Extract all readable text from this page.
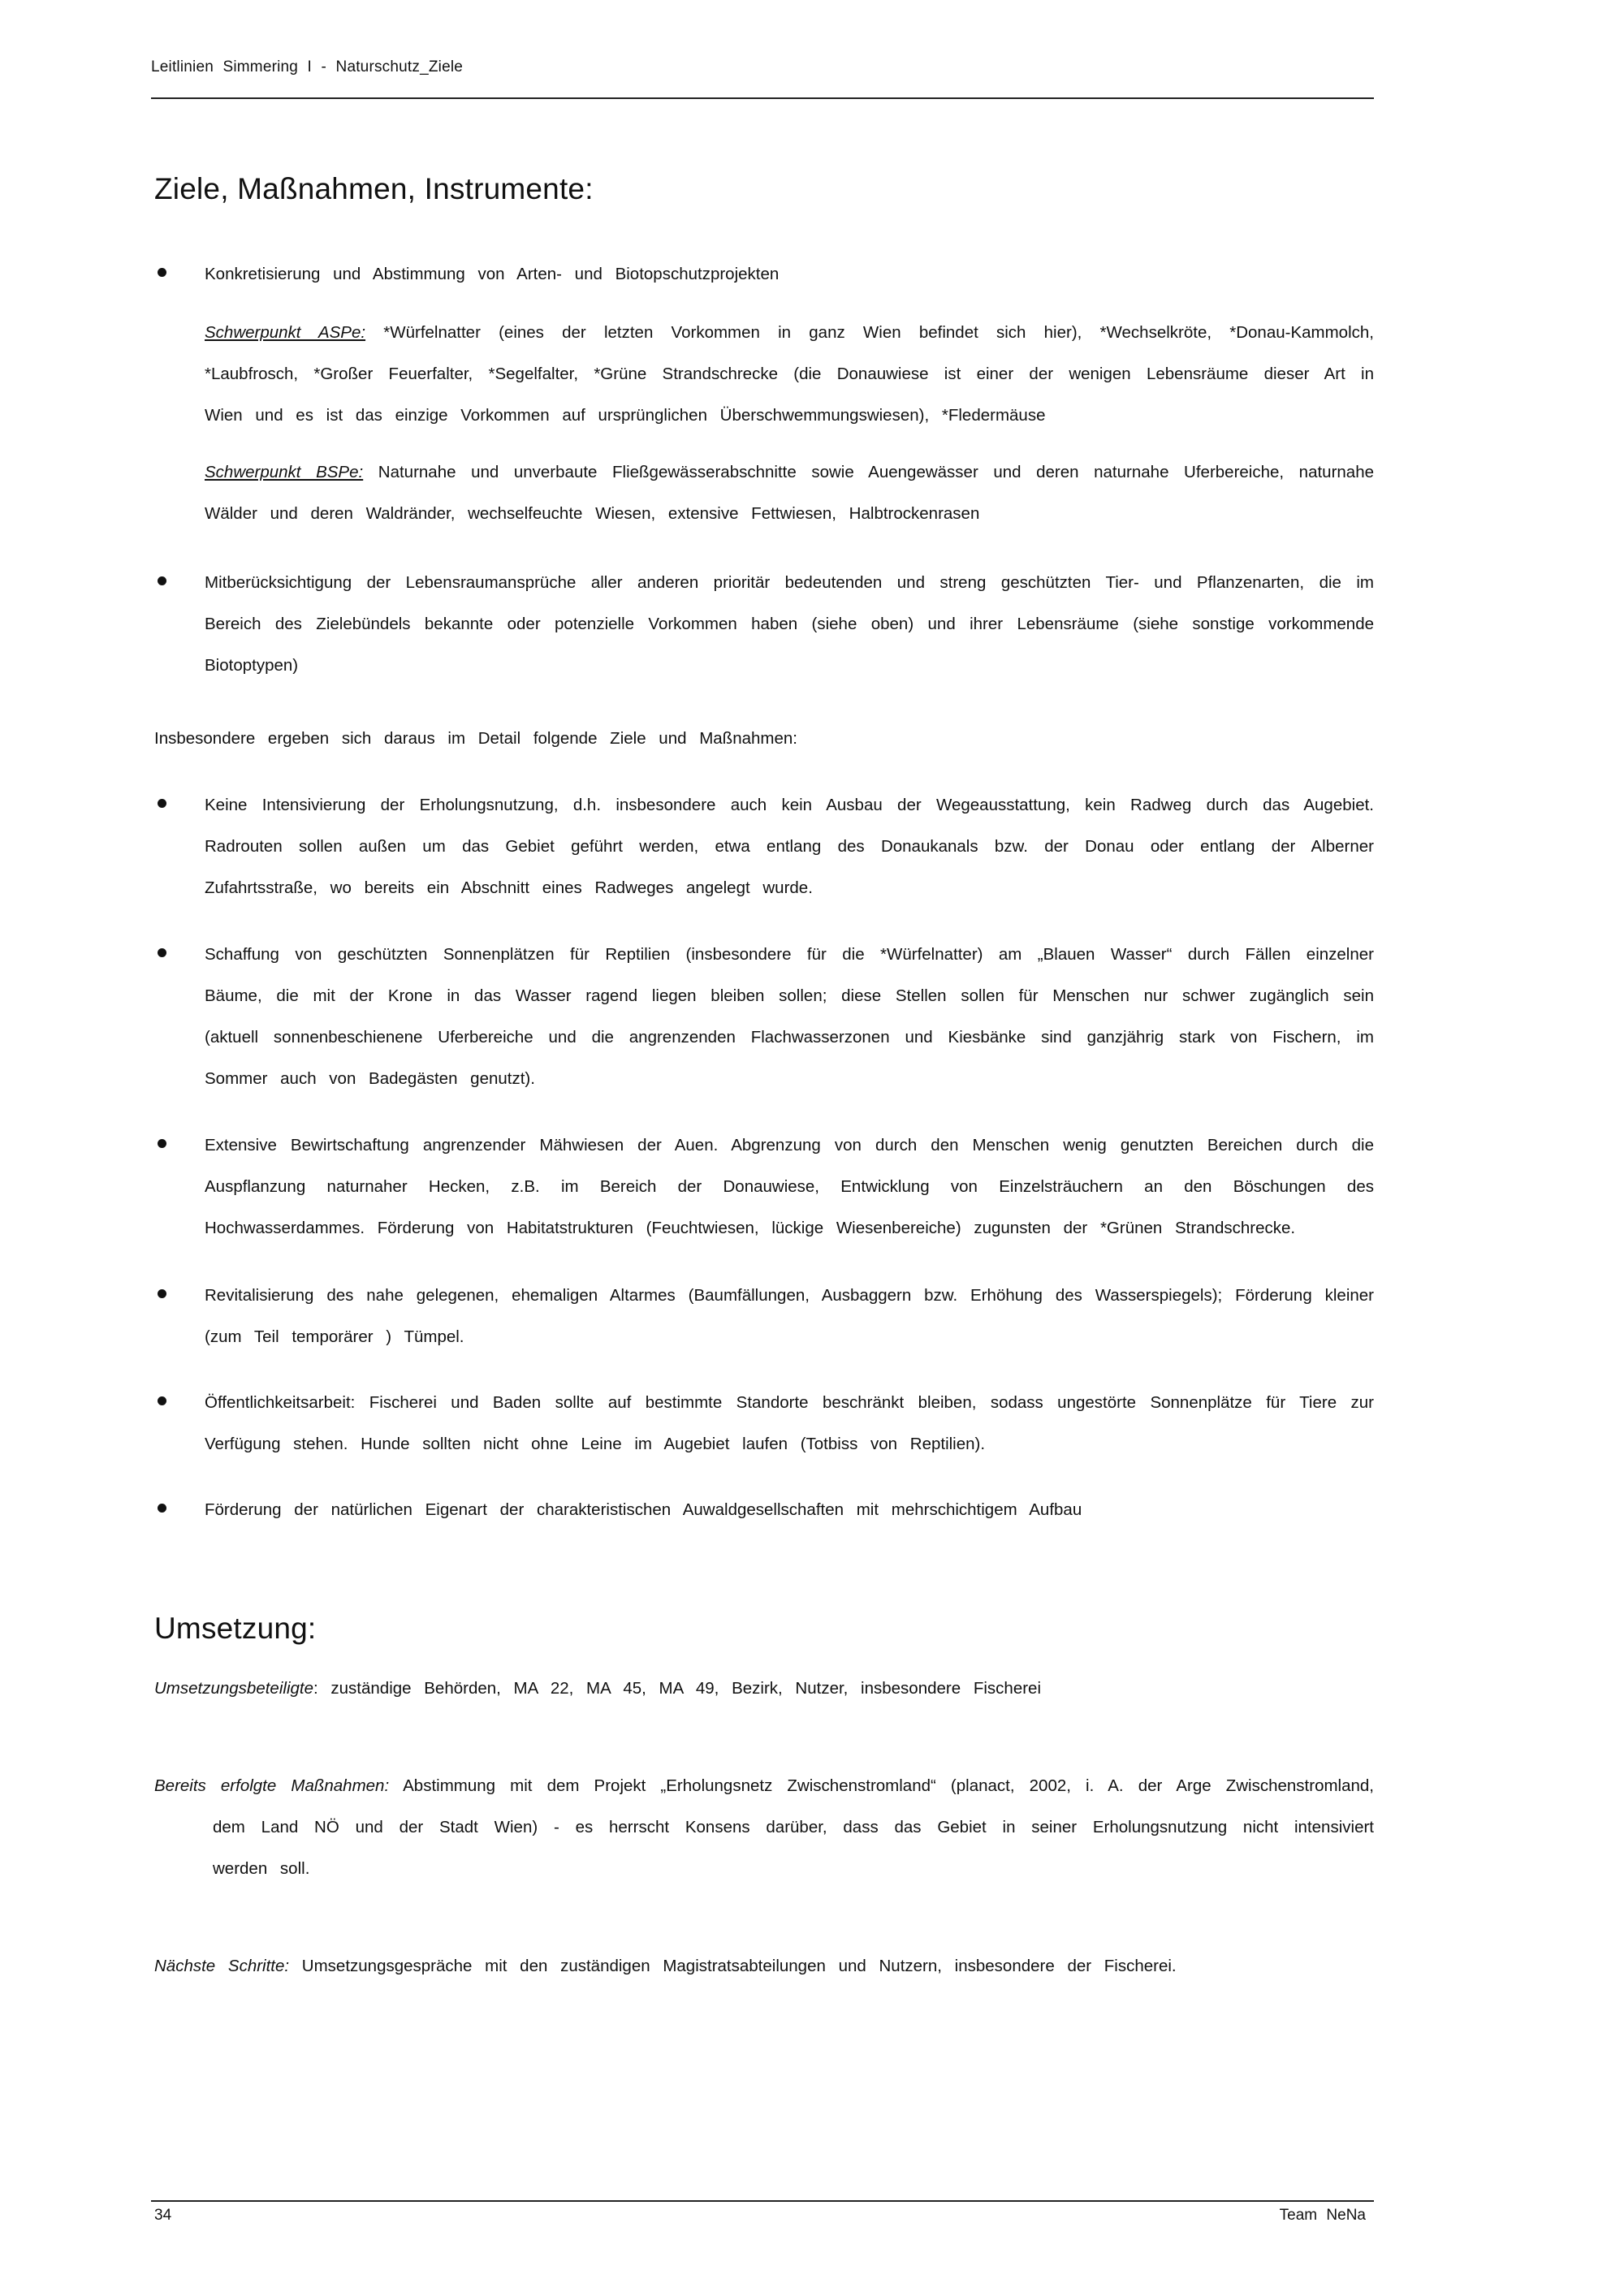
Leitlinien Simmering I - Naturschutz_Ziele
Ziele, Maßnahmen, Instrumente:
Konkretisierung und Abstimmung von Arten- und Biotopschutzprojekten
Schwerpunkt ASPe: *Würfelnatter (eines der letzten Vorkommen in ganz Wien befindet sich hier), *Wechselkröte, *Donau-Kammolch, *Laubfrosch, *Großer Feuerfalter, *Segelfalter, *Grüne Strandschrecke (die Donauwiese ist einer der wenigen Lebensräume dieser Art in Wien und es ist das einzige Vorkommen auf ursprünglichen Überschwemmungswiesen), *Fledermäuse
Schwerpunkt BSPe: Naturnahe und unverbaute Fließgewässerabschnitte sowie Auengewässer und deren naturnahe Uferbereiche, naturnahe Wälder und deren Waldränder, wechselfeuchte Wiesen, extensive Fettwiesen, Halbtrockenrasen
Mitberücksichtigung der Lebensraumansprüche aller anderen prioritär bedeutenden und streng geschützten Tier- und Pflanzenarten, die im Bereich des Zielebündels bekannte oder potenzielle Vorkommen haben (siehe oben) und ihrer Lebensräume (siehe sonstige vorkommende Biotoptypen)
Insbesondere ergeben sich daraus im Detail folgende Ziele und Maßnahmen:
Keine Intensivierung der Erholungsnutzung, d.h. insbesondere auch kein Ausbau der Wegeausstattung, kein Radweg durch das Augebiet. Radrouten sollen außen um das Gebiet geführt werden, etwa entlang des Donaukanals bzw. der Donau oder entlang der Alberner Zufahrtsstraße, wo bereits ein Abschnitt eines Radweges angelegt wurde.
Schaffung von geschützten Sonnenplätzen für Reptilien (insbesondere für die *Würfelnatter) am „Blauen Wasser“ durch Fällen einzelner Bäume, die mit der Krone in das Wasser ragend liegen bleiben sollen; diese Stellen sollen für Menschen nur schwer zugänglich sein (aktuell sonnenbeschienene Uferbereiche und die angrenzenden Flachwasserzonen und Kiesbänke sind ganzjährig stark von Fischern, im Sommer auch von Badegästen genutzt).
Extensive Bewirtschaftung angrenzender Mähwiesen der Auen. Abgrenzung von durch den Menschen wenig genutzten Bereichen durch die Auspflanzung naturnaher Hecken, z.B. im Bereich der Donauwiese, Entwicklung von Einzelsträuchern an den Böschungen des Hochwasserdammes. Förderung von Habitatstrukturen (Feuchtwiesen, lückige Wiesenbereiche) zugunsten der *Grünen Strandschrecke.
Revitalisierung des nahe gelegenen, ehemaligen Altarmes (Baumfällungen, Ausbaggern bzw. Erhöhung des Wasserspiegels); Förderung kleiner (zum Teil temporärer ) Tümpel.
Öffentlichkeitsarbeit: Fischerei und Baden sollte auf bestimmte Standorte beschränkt bleiben, sodass ungestörte Sonnenplätze für Tiere zur Verfügung stehen. Hunde sollten nicht ohne Leine im Augebiet laufen (Totbiss von Reptilien).
Förderung der natürlichen Eigenart der charakteristischen Auwaldgesellschaften mit mehrschichtigem Aufbau
Umsetzung:
Umsetzungsbeteiligte: zuständige Behörden, MA 22, MA 45, MA 49, Bezirk, Nutzer, insbesondere Fischerei
Bereits erfolgte Maßnahmen: Abstimmung mit dem Projekt „Erholungsnetz Zwischenstromland“ (planact, 2002, i. A. der Arge Zwischenstromland, dem Land NÖ und der Stadt Wien) - es herrscht Konsens darüber, dass das Gebiet in seiner Erholungsnutzung nicht intensiviert werden soll.
Nächste Schritte: Umsetzungsgespräche mit den zuständigen Magistratsabteilungen und Nutzern, insbesondere der Fischerei.
34	Team NeNa
